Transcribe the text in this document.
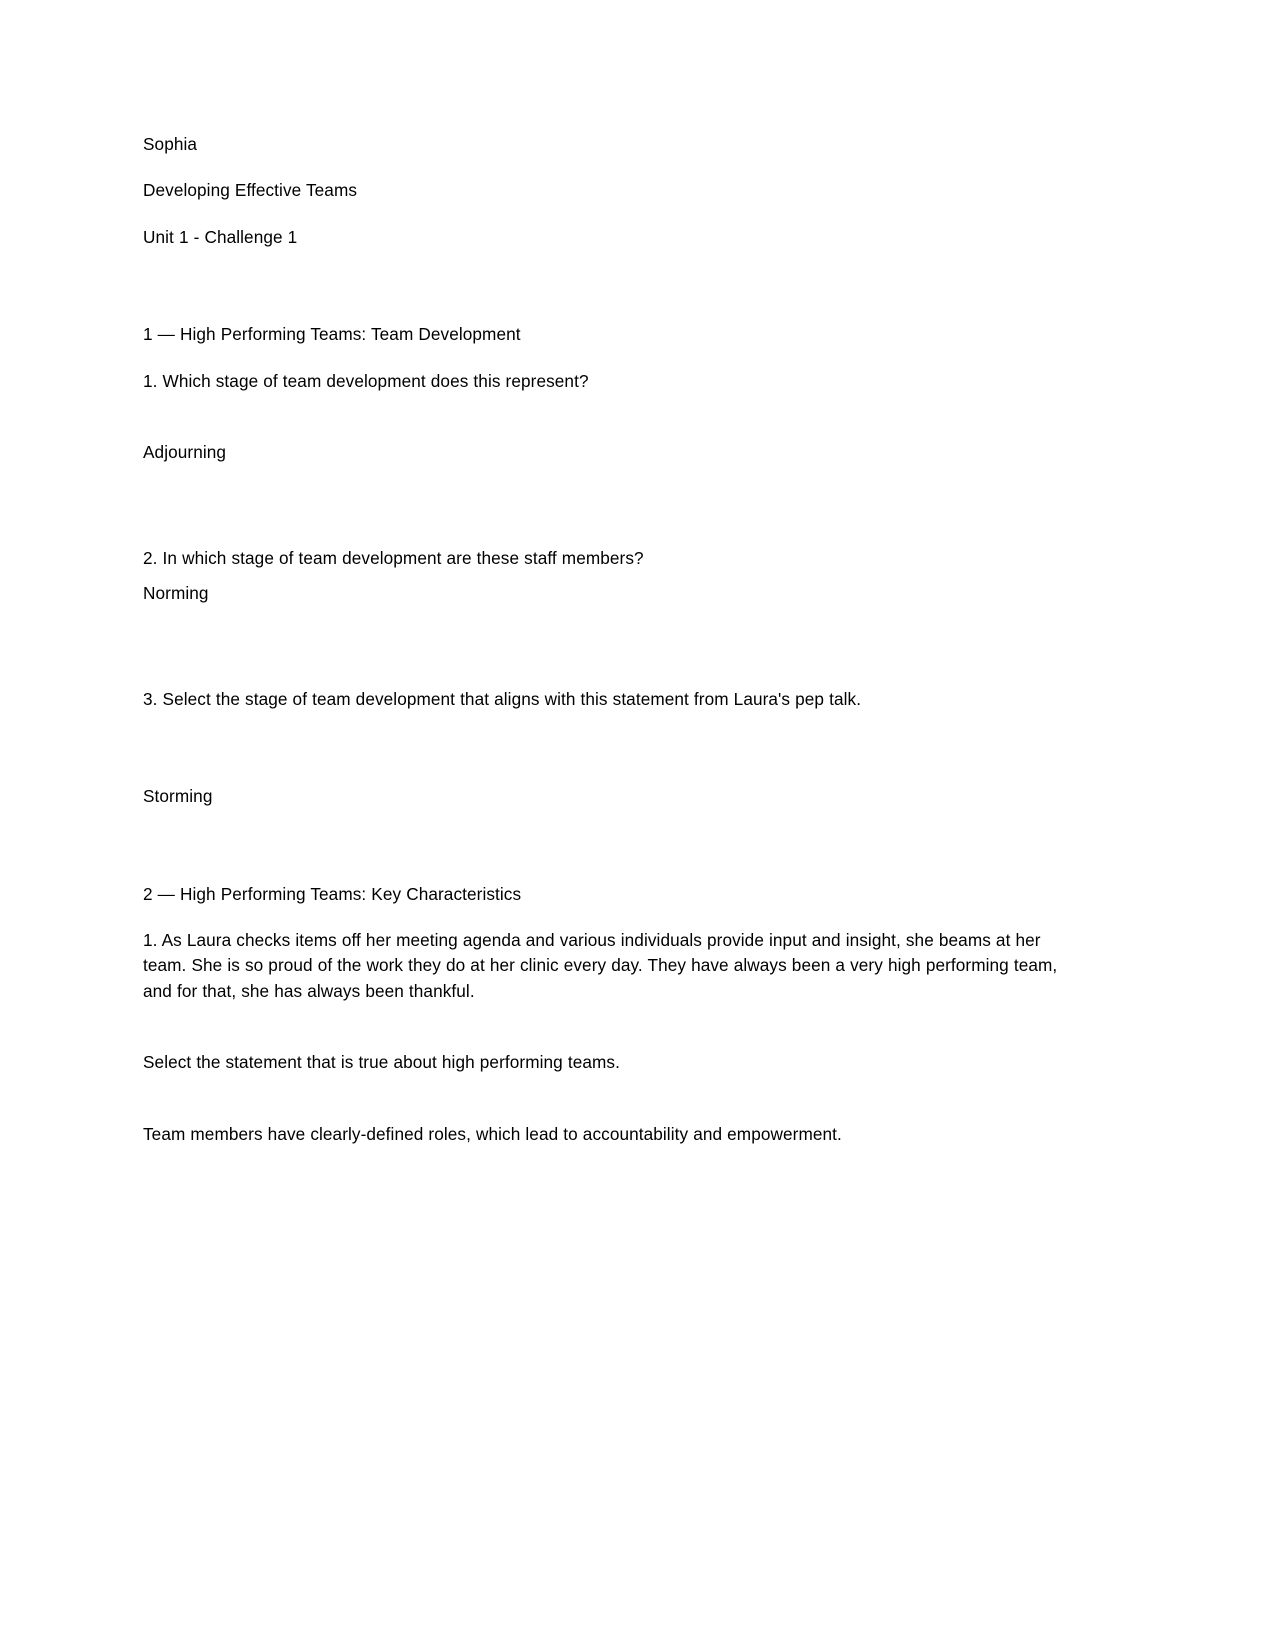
Sophia

Developing Effective Teams

Unit 1 - Challenge 1

1 — High Performing Teams: Team Development

1. Which stage of team development does this represent?

Adjourning

2. In which stage of team development are these staff members?

Norming

3. Select the stage of team development that aligns with this statement from Laura's pep talk.

Storming

2 — High Performing Teams: Key Characteristics

1. As Laura checks items off her meeting agenda and various individuals provide input and insight, she beams at her team. She is so proud of the work they do at her clinic every day. They have always been a very high performing team, and for that, she has always been thankful.

Select the statement that is true about high performing teams.

Team members have clearly-defined roles, which lead to accountability and empowerment.
